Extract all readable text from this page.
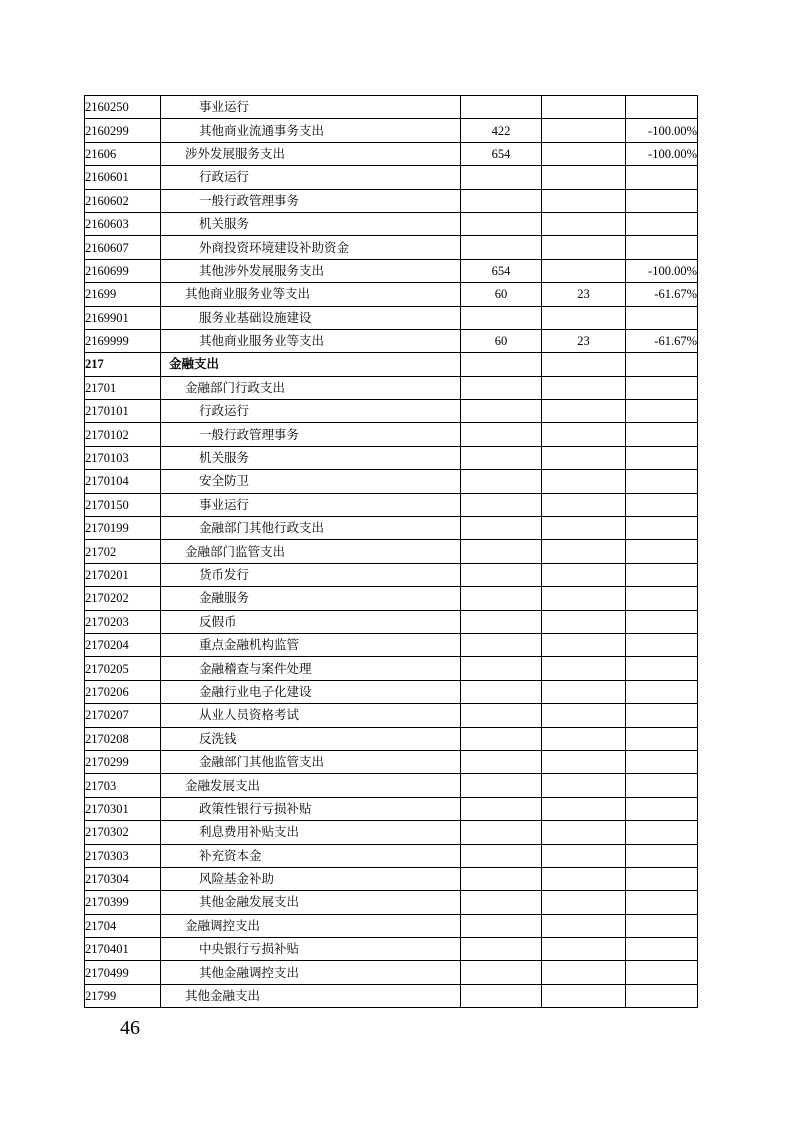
2160250	事业运行			
2160299	其他商业流通事务支出	422		-100.00%
21606	涉外发展服务支出	654		-100.00%
2160601	行政运行			
2160602	一般行政管理事务			
2160603	机关服务			
2160607	外商投资环境建设补助资金			
2160699	其他涉外发展服务支出	654		-100.00%
21699	其他商业服务业等支出	60	23	-61.67%
2169901	服务业基础设施建设			
2169999	其他商业服务业等支出	60	23	-61.67%
217	金融支出			
21701	金融部门行政支出			
2170101	行政运行			
2170102	一般行政管理事务			
2170103	机关服务			
2170104	安全防卫			
2170150	事业运行			
2170199	金融部门其他行政支出			
21702	金融部门监管支出			
2170201	货币发行			
2170202	金融服务			
2170203	反假币			
2170204	重点金融机构监管			
2170205	金融稽查与案件处理			
2170206	金融行业电子化建设			
2170207	从业人员资格考试			
2170208	反洗钱			
2170299	金融部门其他监管支出			
21703	金融发展支出			
2170301	政策性银行亏损补贴			
2170302	利息费用补贴支出			
2170303	补充资本金			
2170304	风险基金补助			
2170399	其他金融发展支出			
21704	金融调控支出			
2170401	中央银行亏损补贴			
2170499	其他金融调控支出			
21799	其他金融支出			
46
